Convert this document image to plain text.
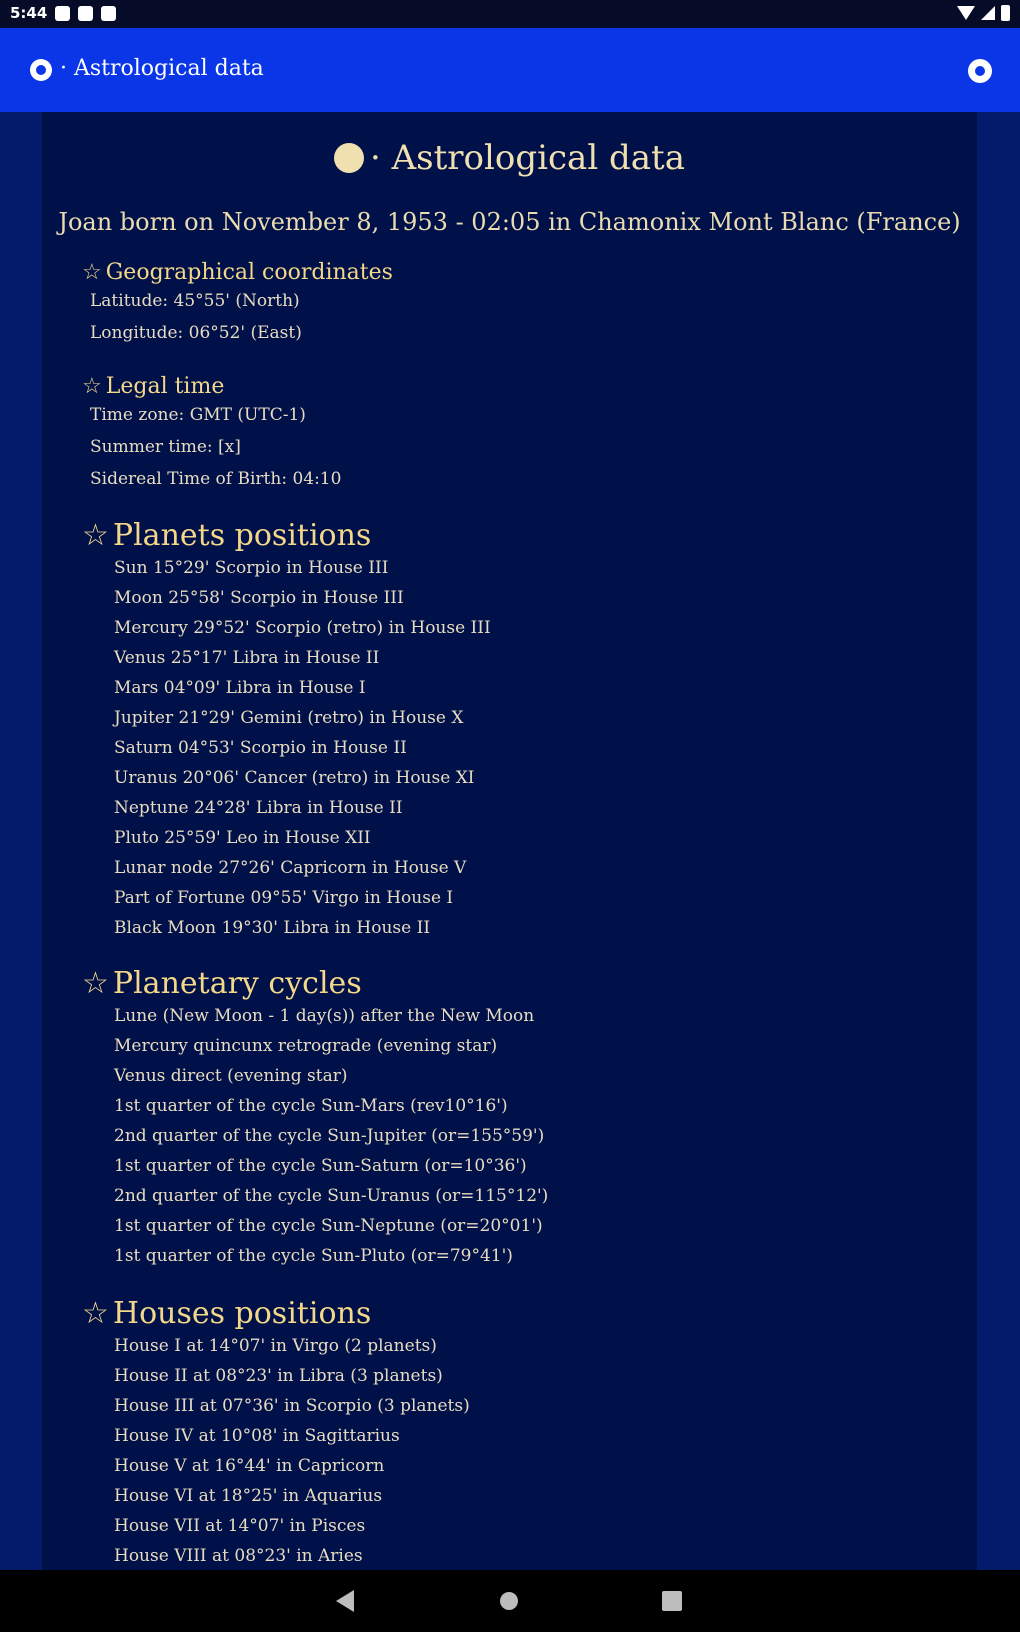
5:44
· Astrological data
· Astrological data
Joan born on November 8, 1953 - 02:05 in Chamonix Mont Blanc (France)
☆ Geographical coordinates
Latitude: 45°55' (North)
Longitude: 06°52' (East)
☆ Legal time
Time zone: GMT (UTC-1)
Summer time: [x]
Sidereal Time of Birth: 04:10
☆ Planets positions
Sun 15°29' Scorpio in House III
Moon 25°58' Scorpio in House III
Mercury 29°52' Scorpio (retro) in House III
Venus 25°17' Libra in House II
Mars 04°09' Libra in House I
Jupiter 21°29' Gemini (retro) in House X
Saturn 04°53' Scorpio in House II
Uranus 20°06' Cancer (retro) in House XI
Neptune 24°28' Libra in House II
Pluto 25°59' Leo in House XII
Lunar node 27°26' Capricorn in House V
Part of Fortune 09°55' Virgo in House I
Black Moon 19°30' Libra in House II
☆ Planetary cycles
Lune (New Moon - 1 day(s)) after the New Moon
Mercury quincunx retrograde (evening star)
Venus direct (evening star)
1st quarter of the cycle Sun-Mars (rev10°16')
2nd quarter of the cycle Sun-Jupiter (or=155°59')
1st quarter of the cycle Sun-Saturn (or=10°36')
2nd quarter of the cycle Sun-Uranus (or=115°12')
1st quarter of the cycle Sun-Neptune (or=20°01')
1st quarter of the cycle Sun-Pluto (or=79°41')
☆ Houses positions
House I at 14°07' in Virgo (2 planets)
House II at 08°23' in Libra (3 planets)
House III at 07°36' in Scorpio (3 planets)
House IV at 10°08' in Sagittarius
House V at 16°44' in Capricorn
House VI at 18°25' in Aquarius
House VII at 14°07' in Pisces
House VIII at 08°23' in Aries
